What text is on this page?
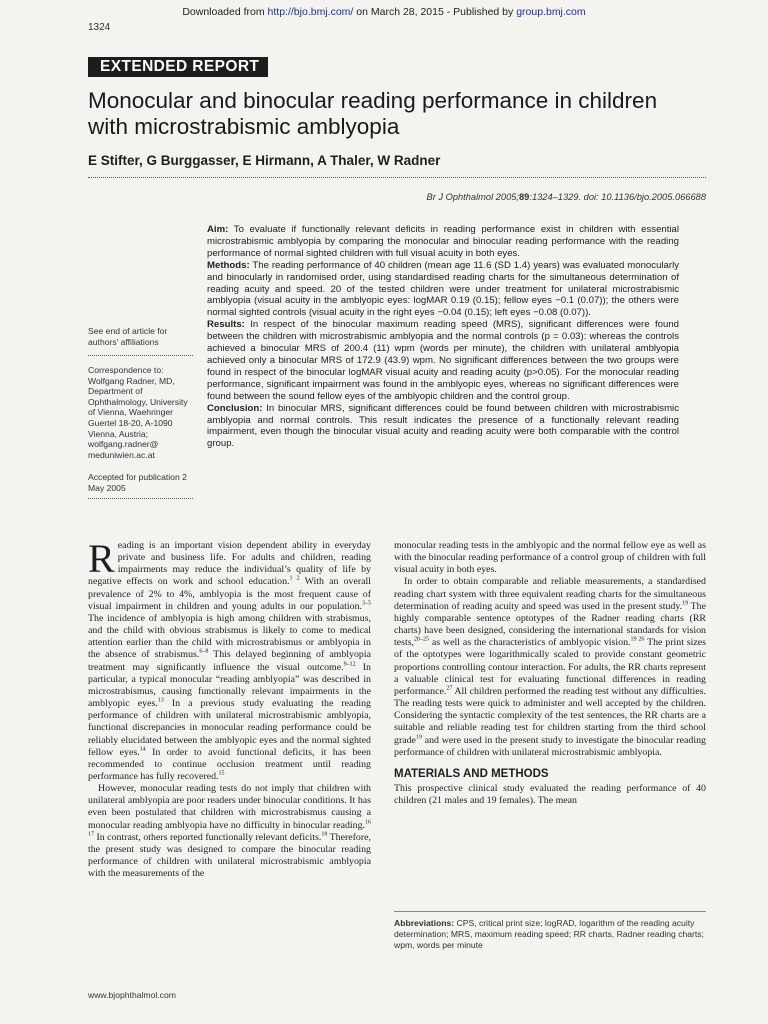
Downloaded from http://bjo.bmj.com/ on March 28, 2015 - Published by group.bmj.com
1324
EXTENDED REPORT
Monocular and binocular reading performance in children
with microstrabismic amblyopia
E Stifter, G Burggasser, E Hirmann, A Thaler, W Radner
Br J Ophthalmol 2005;89:1324–1329. doi: 10.1136/bjo.2005.066688
See end of article for authors’ affiliations
Correspondence to: Wolfgang Radner, MD, Department of Ophthalmology, University of Vienna, Waehringer Guertel 18-20, A-1090 Vienna, Austria; wolfgang.radner@ meduniwien.ac.at
Accepted for publication 2 May 2005

Aim: To evaluate if functionally relevant deficits in reading performance exist in children with essential microstrabismic amblyopia by comparing the monocular and binocular reading performance with the reading performance of normal sighted children with full visual acuity in both eyes.

Methods: The reading performance of 40 children (mean age 11.6 (SD 1.4) years) was evaluated monocularly and binocularly in randomised order, using standardised reading charts for the simultaneous determination of reading acuity and speed. 20 of the tested children were under treatment for unilateral microstrabismic amblyopia (visual acuity in the amblyopic eyes: logMAR 0.19 (0.15); fellow eyes −0.1 (0.07)); the others were normal sighted controls (visual acuity in the right eyes −0.04 (0.15); left eyes −0.08 (0.07)).

Results: In respect of the binocular maximum reading speed (MRS), significant differences were found between the children with microstrabismic amblyopia and the normal controls (p = 0.03): whereas the controls achieved a binocular MRS of 200.4 (11) wpm (words per minute), the children with unilateral amblyopia achieved only a binocular MRS of 172.9 (43.9) wpm. No significant differences between the two groups were found in respect of the binocular logMAR visual acuity and reading acuity (p>0.05). For the monocular reading performance, significant impairment was found in the amblyopic eyes, whereas no significant differences were found between the sound fellow eyes of the amblyopic children and the control group.

Conclusion: In binocular MRS, significant differences could be found between children with microstrabismic amblyopia and normal controls. This result indicates the presence of a functionally relevant reading impairment, even though the binocular visual acuity and reading acuity were both comparable with the control group.

Reading is an important vision dependent ability in everyday private and business life. For adults and children, reading impairments may reduce the individual’s quality of life by negative effects on work and school education.$^{1 2}$ With an overall prevalence of 2% to 4%, amblyopia is the most frequent cause of visual impairment in children and young adults in our population.$^{3-5}$ The incidence of amblyopia is high among children with strabismus, and the child with obvious strabismus is likely to come to medical attention earlier than the child with microstrabismus or amblyopia in the absence of strabismus.$^{6-8}$ This delayed beginning of amblyopia treatment may significantly influence the visual outcome.$^{9-12}$ In particular, a typical monocular “reading amblyopia” was described in microstrabismus, causing functionally relevant impairments in the amblyopic eyes.$^{13}$ In a previous study evaluating the reading performance of children with unilateral microstrabismic amblyopia, functional discrepancies in monocular reading performance could be reliably elucidated between the amblyopic eyes and the normal sighted fellow eyes.$^{14}$ In order to avoid functional deficits, it has been recommended to continue occlusion treatment until reading performance has fully recovered.$^{15}$

However, monocular reading tests do not imply that children with unilateral amblyopia are poor readers under binocular conditions. It has even been postulated that children with microstrabismus causing a monocular reading amblyopia have no difficulty in binocular reading.$^{16 17}$ In contrast, others reported functionally relevant deficits.$^{18}$ Therefore, the present study was designed to compare the binocular reading performance of children with unilateral microstrabismic amblyopia with the measurements of the

monocular reading tests in the amblyopic and the normal fellow eye as well as with the binocular reading performance of a control group of children with full visual acuity in both eyes.

In order to obtain comparable and reliable measurements, a standardised reading chart system with three equivalent reading charts for the simultaneous determination of reading acuity and speed was used in the present study.$^{19}$ The highly comparable sentence optotypes of the Radner reading charts (RR charts) have been designed, considering the international standards for vision tests,$^{20-25}$ as well as the characteristics of amblyopic vision.$^{19 26}$ The print sizes of the optotypes were logarithmically scaled to provide constant geometric proportions controlling contour interaction. For adults, the RR charts represent a valuable clinical test for evaluating functional differences in reading performance.$^{27}$ All children performed the reading test without any difficulties. The reading tests were quick to administer and well accepted by the children. Considering the syntactic complexity of the test sentences, the RR charts are a suitable and reliable reading test for children starting from the third school grade$^{19}$ and were used in the present study to investigate the binocular reading performance of children with unilateral microstrabismic amblyopia.

MATERIALS AND METHODS

This prospective clinical study evaluated the reading performance of 40 children (21 males and 19 females). The mean

Abbreviations: CPS, critical print size; logRAD, logarithm of the reading acuity determination; MRS, maximum reading speed; RR charts, Radner reading charts; wpm, words per minute
www.bjophthalmol.com
